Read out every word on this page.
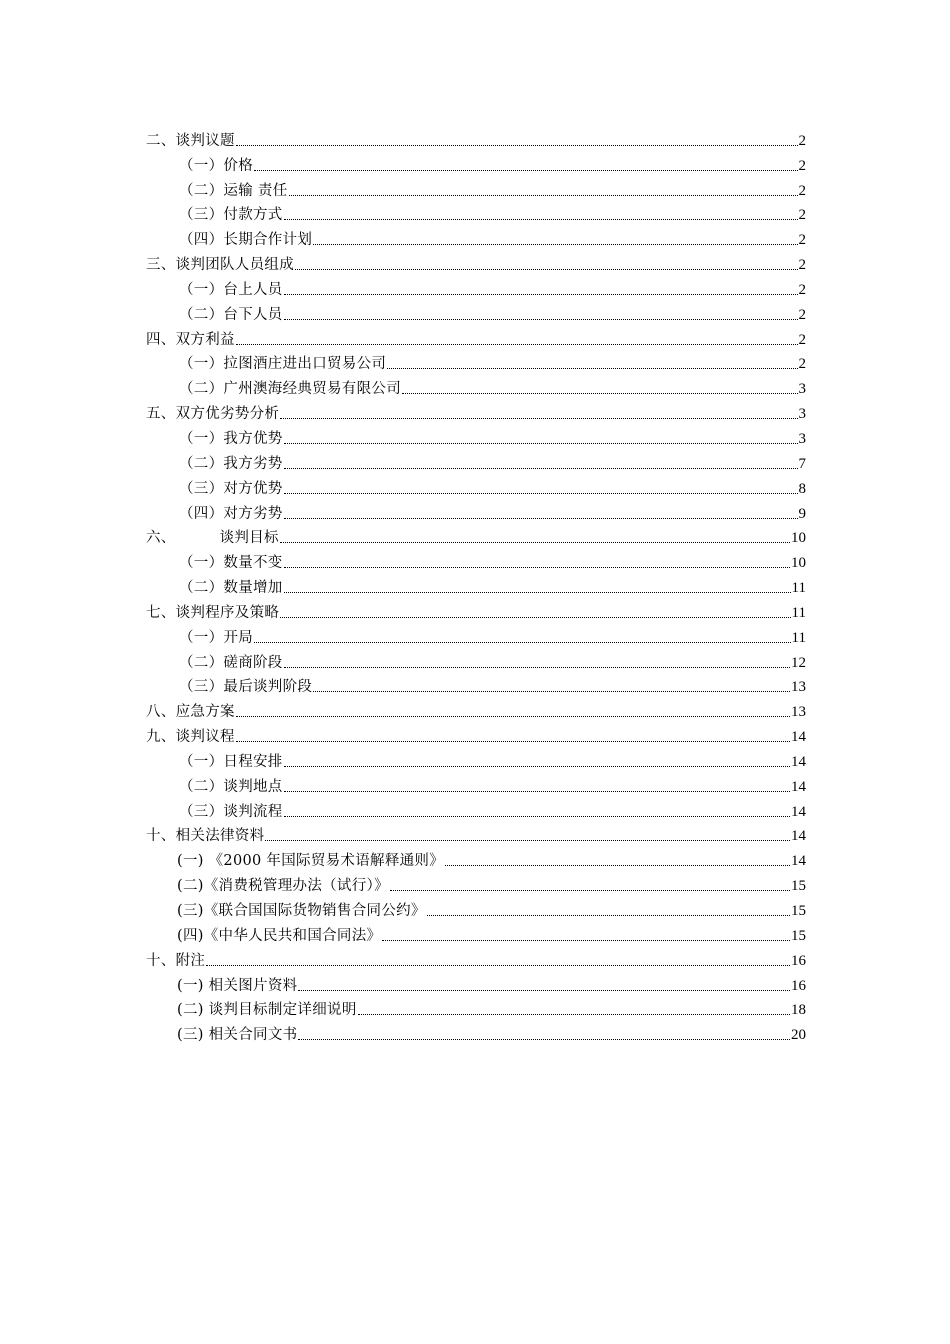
二、谈判议题	2
（一）价格	2
（二）运输 责任	2
（三）付款方式	2
（四）长期合作计划	2
三、谈判团队人员组成	2
（一）台上人员	2
（二）台下人员	2
四、双方利益	2
（一）拉图酒庄进出口贸易公司	2
（二）广州澳海经典贸易有限公司	3
五、双方优劣势分析	3
（一）我方优势	3
（二）我方劣势	7
（三）对方优势	8
（四）对方劣势	9
六、	谈判目标	10
（一）数量不变	10
（二）数量增加	11
七、谈判程序及策略	11
（一）开局	11
（二）磋商阶段	12
（三）最后谈判阶段	13
八、应急方案	13
九、谈判议程	14
（一）日程安排	14
（二）谈判地点	14
（三）谈判流程	14
十、相关法律资料	14
(一) 《2000 年国际贸易术语解释通则》	14
(二)《消费税管理办法（试行）》	15
(三)《联合国国际货物销售合同公约》	15
(四)《中华人民共和国合同法》	15
十、附注	16
(一) 相关图片资料	16
(二) 谈判目标制定详细说明	18
(三) 相关合同文书	20
